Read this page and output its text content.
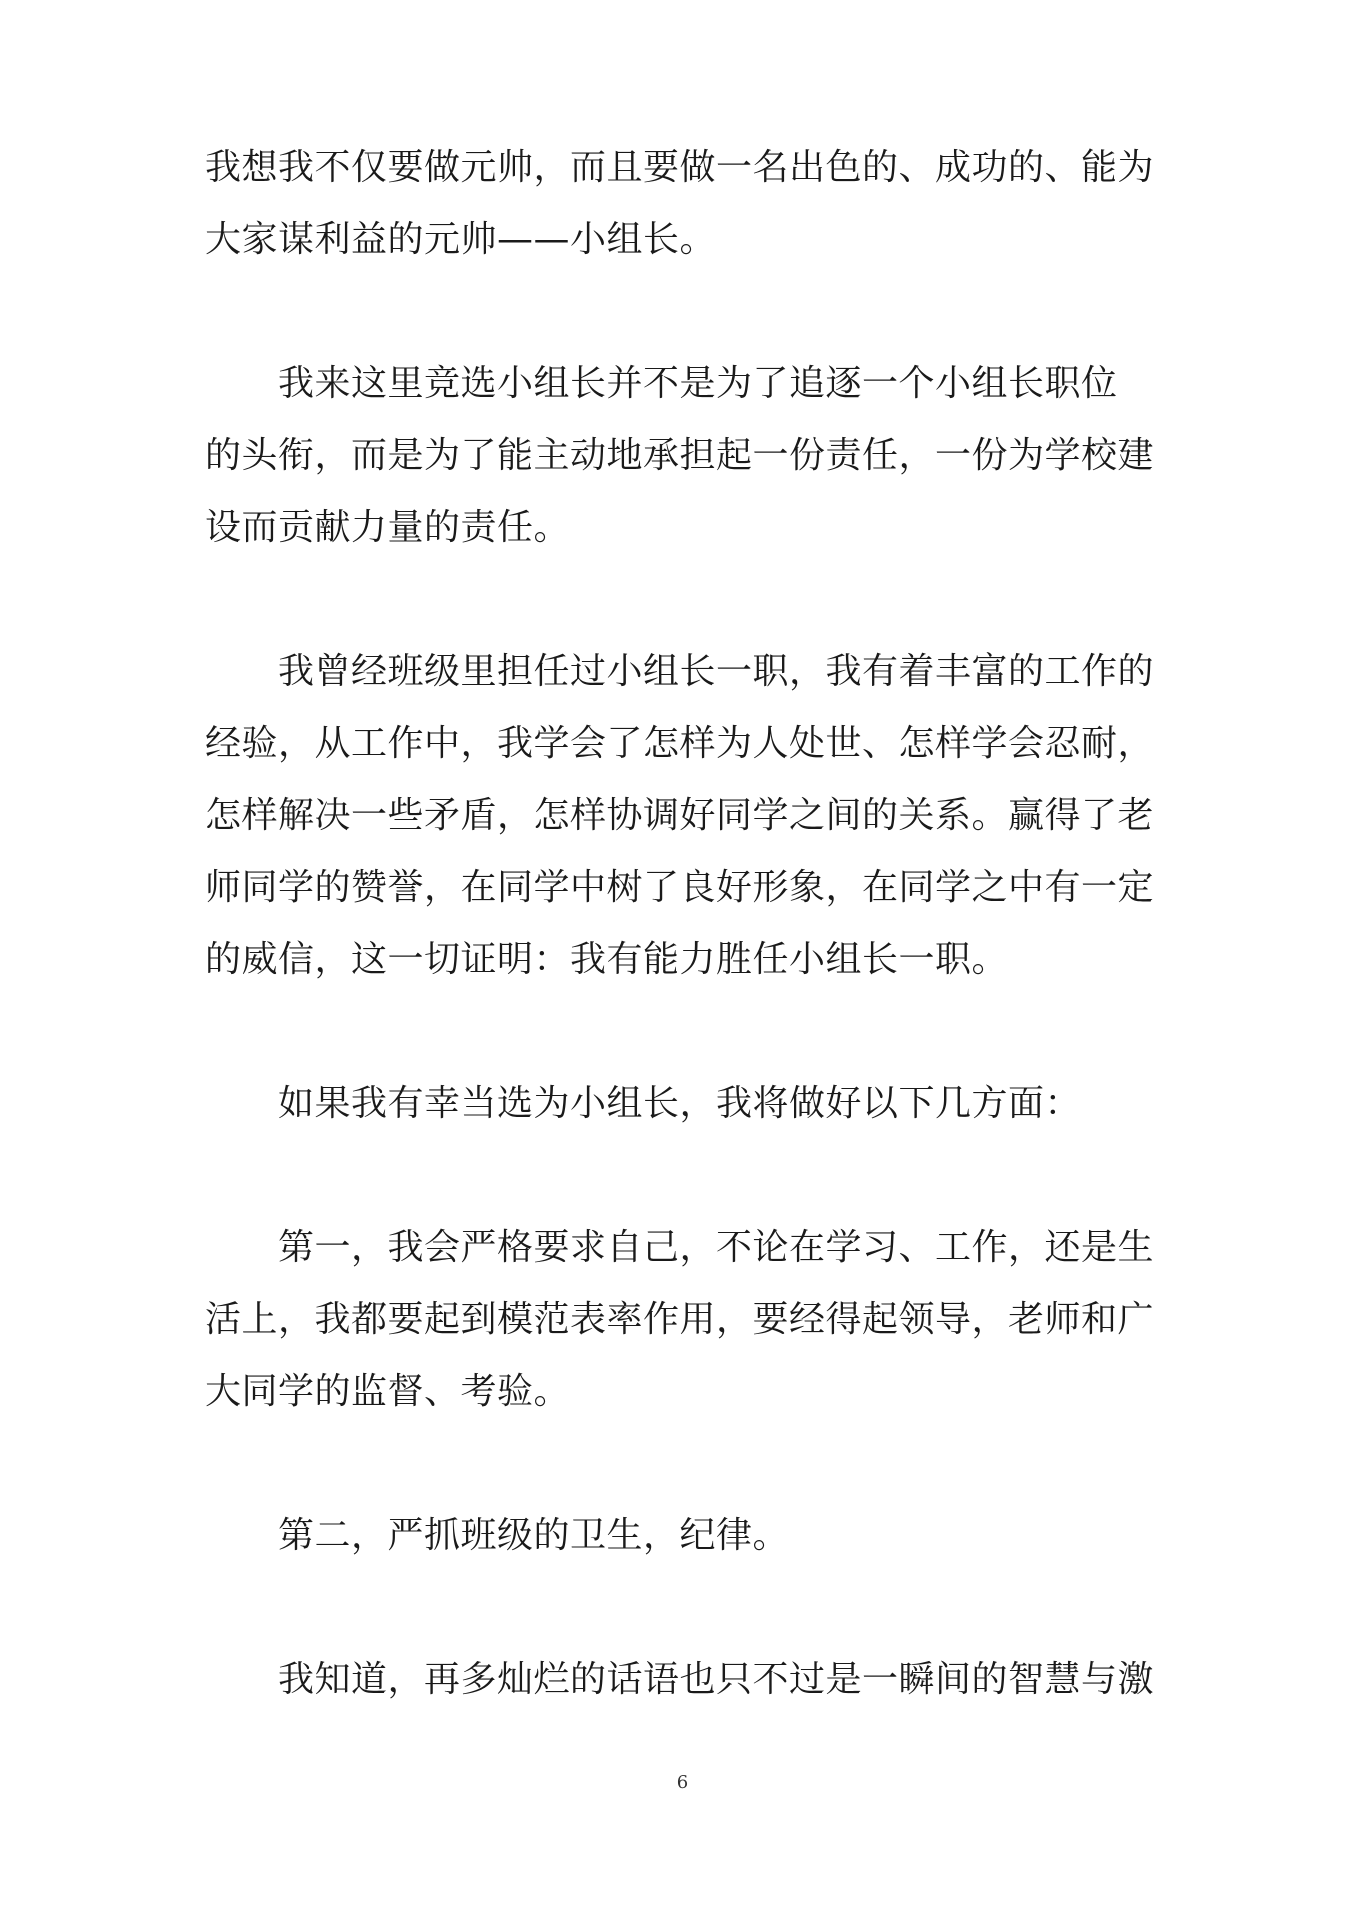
我想我不仅要做元帅，而且要做一名出色的、成功的、能为
大家谋利益的元帅——小组长。

　　我来这里竞选小组长并不是为了追逐一个小组长职位
的头衔，而是为了能主动地承担起一份责任，一份为学校建
设而贡献力量的责任。

　　我曾经班级里担任过小组长一职，我有着丰富的工作的
经验，从工作中，我学会了怎样为人处世、怎样学会忍耐，
怎样解决一些矛盾，怎样协调好同学之间的关系。赢得了老
师同学的赞誉，在同学中树了良好形象，在同学之中有一定
的威信，这一切证明：我有能力胜任小组长一职。

　　如果我有幸当选为小组长，我将做好以下几方面：

　　第一，我会严格要求自己，不论在学习、工作，还是生
活上，我都要起到模范表率作用，要经得起领导，老师和广
大同学的监督、考验。

　　第二，严抓班级的卫生，纪律。

　　我知道，再多灿烂的话语也只不过是一瞬间的智慧与激

6
